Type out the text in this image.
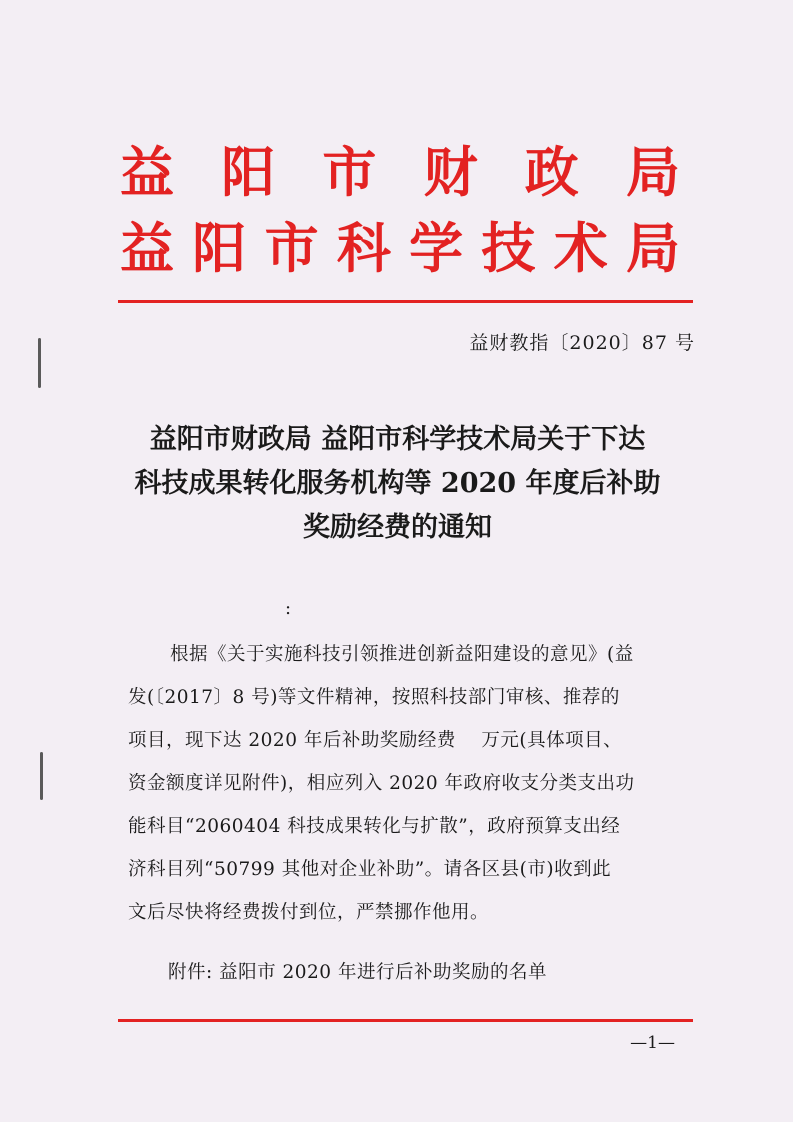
益 阳 市 财 政 局
益 阳 市 科 学 技 术 局
益财教指〔2020〕87 号
益阳市财政局 益阳市科学技术局关于下达
科技成果转化服务机构等 2020 年度后补助
奖励经费的通知
:
根据《关于实施科技引领推进创新益阳建设的意见》(益
发(〔2017〕8 号)等文件精神，按照科技部门审核、推荐的
项目，现下达 2020 年后补助奖励经费    万元(具体项目、
资金额度详见附件)，相应列入 2020 年政府收支分类支出功
能科目“2060404 科技成果转化与扩散”，政府预算支出经
济科目列“50799 其他对企业补助”。请各区县(市)收到此
文后尽快将经费拨付到位，严禁挪作他用。
附件: 益阳市 2020 年进行后补助奖励的名单
—1—
